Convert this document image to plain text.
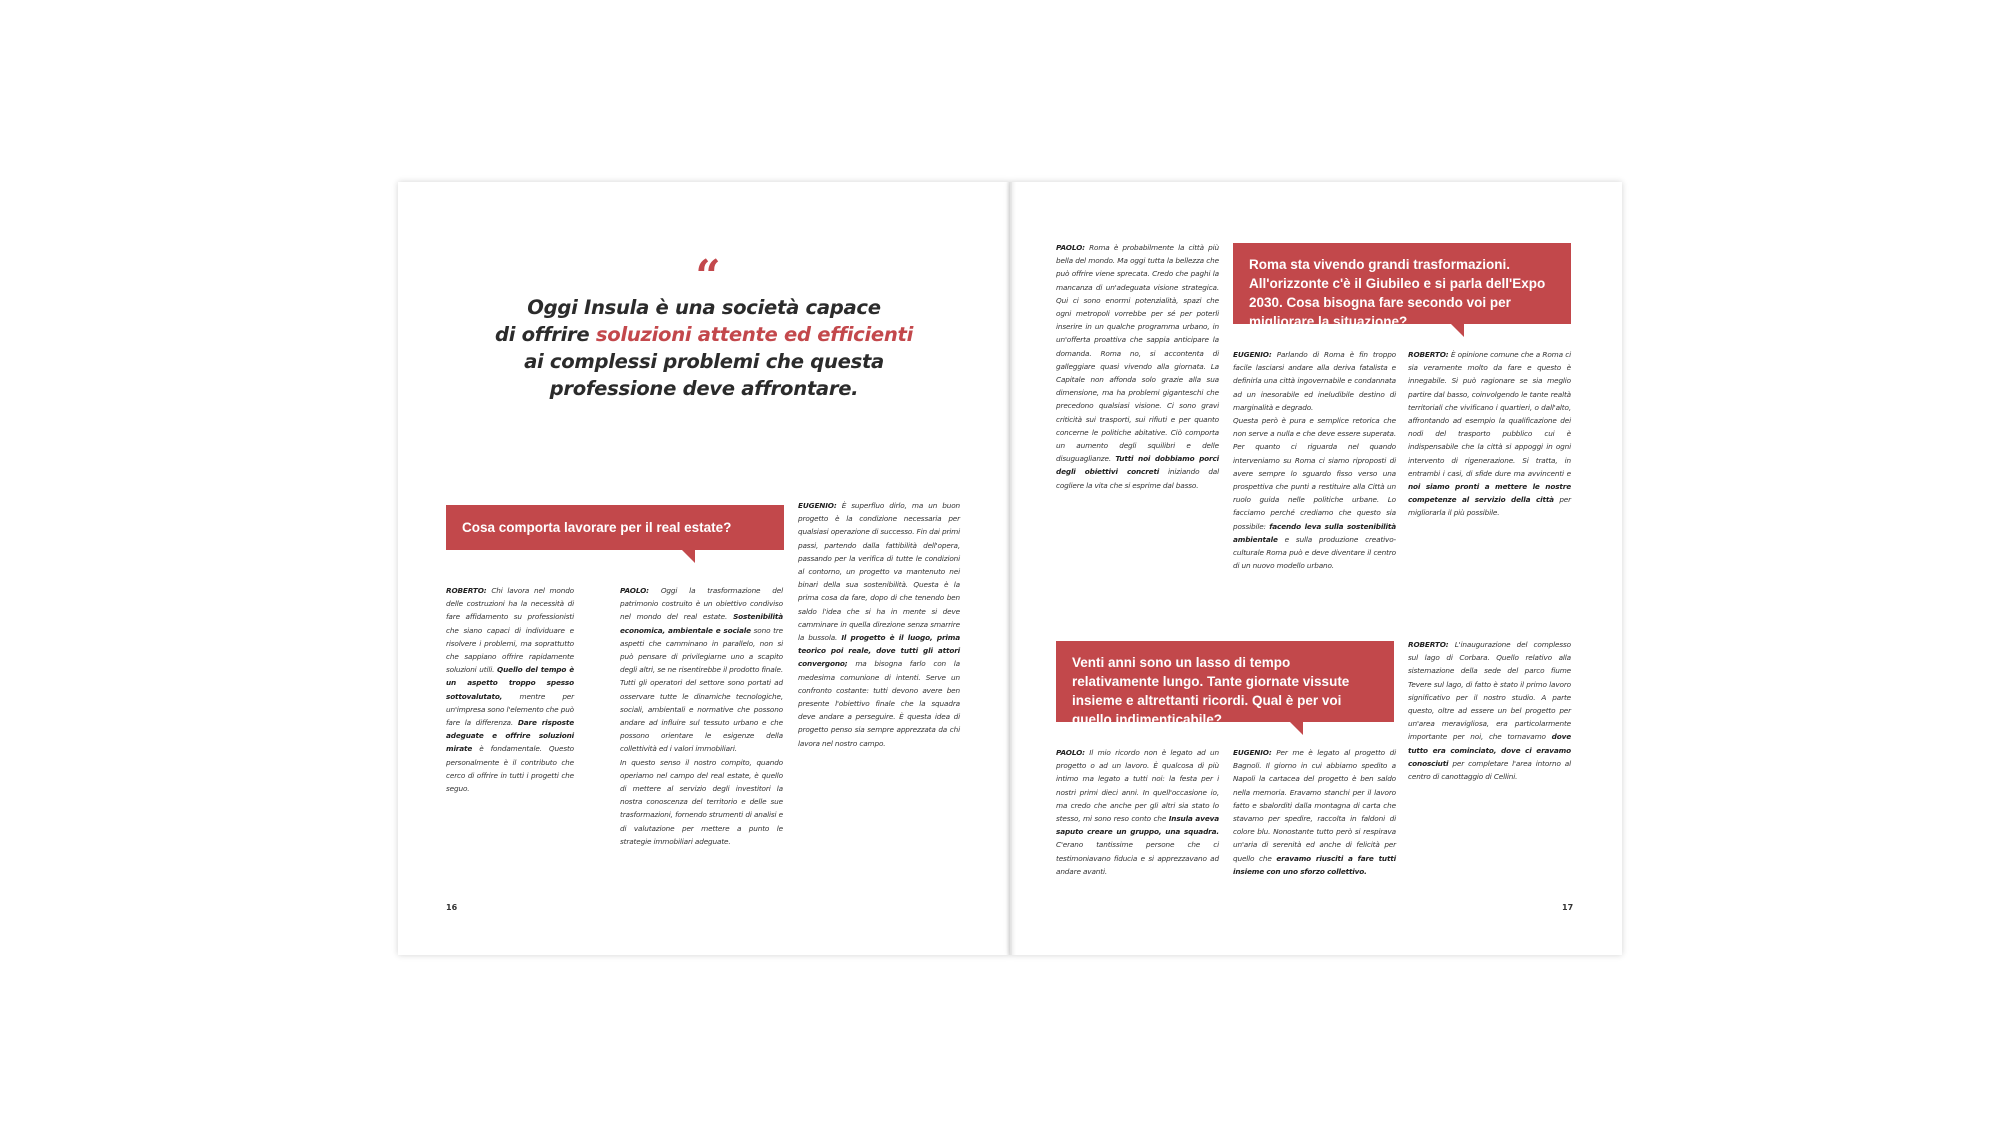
“
Oggi Insula è una società capace
di offrire soluzioni attente ed efficienti
ai complessi problemi che questa
professione deve affrontare.
Cosa comporta lavorare per il real estate?

ROBERTO: Chi lavora nel mondo delle costruzioni ha la necessità di fare affidamento su professionisti che siano capaci di individuare e risolvere i problemi, ma soprattutto che sappiano offrire rapidamente soluzioni utili. Quello del tempo è un aspetto troppo spesso sottovalutato, mentre per un'impresa sono l'elemento che può fare la differenza. Dare risposte adeguate e offrire soluzioni mirate è fondamentale. Questo personalmente è il contributo che cerco di offrire in tutti i progetti che seguo.

PAOLO: Oggi la trasformazione del patrimonio costruito è un obiettivo condiviso nel mondo del real estate. Sostenibilità economica, ambientale e sociale sono tre aspetti che camminano in parallelo, non si può pensare di privilegiarne uno a scapito degli altri, se ne risentirebbe il prodotto finale. Tutti gli operatori del settore sono portati ad osservare tutte le dinamiche tecnologiche, sociali, ambientali e normative che possono andare ad influire sul tessuto urbano e che possono orientare le esigenze della collettività ed i valori immobiliari.
In questo senso il nostro compito, quando operiamo nel campo del real estate, è quello di mettere al servizio degli investitori la nostra conoscenza del territorio e delle sue trasformazioni, fornendo strumenti di analisi e di valutazione per mettere a punto le strategie immobiliari adeguate.

EUGENIO: È superfluo dirlo, ma un buon progetto è la condizione necessaria per qualsiasi operazione di successo. Fin dai primi passi, partendo dalla fattibilità dell'opera, passando per la verifica di tutte le condizioni al contorno, un progetto va mantenuto nei binari della sua sostenibilità. Questa è la prima cosa da fare, dopo di che tenendo ben saldo l'idea che si ha in mente si deve camminare in quella direzione senza smarrire la bussola. Il progetto è il luogo, prima teorico poi reale, dove tutti gli attori convergono; ma bisogna farlo con la medesima comunione di intenti. Serve un confronto costante: tutti devono avere ben presente l'obiettivo finale che la squadra deve andare a perseguire. È questa idea di progetto penso sia sempre apprezzata da chi lavora nel nostro campo.

16

PAOLO: Roma è probabilmente la città più bella del mondo. Ma oggi tutta la bellezza che può offrire viene sprecata. Credo che paghi la mancanza di un'adeguata visione strategica. Qui ci sono enormi potenzialità, spazi che ogni metropoli vorrebbe per sé per poterli inserire in un qualche programma urbano, in un'offerta proattiva che sappia anticipare la domanda. Roma no, si accontenta di galleggiare quasi vivendo alla giornata. La Capitale non affonda solo grazie alla sua dimensione, ma ha problemi giganteschi che precedono qualsiasi visione. Ci sono gravi criticità sui trasporti, sui rifiuti e per quanto concerne le politiche abitative. Ciò comporta un aumento degli squilibri e delle disuguaglianze. Tutti noi dobbiamo porci degli obiettivi concreti iniziando dal cogliere la vita che si esprime dal basso.

Roma sta vivendo grandi trasformazioni. All'orizzonte c'è il Giubileo e si parla dell'Expo 2030. Cosa bisogna fare secondo voi per migliorare la situazione?

EUGENIO: Parlando di Roma è fin troppo facile lasciarsi andare alla deriva fatalista e definirla una città ingovernabile e condannata ad un inesorabile ed ineludibile destino di marginalità e degrado.
Questa però è pura e semplice retorica che non serve a nulla e che deve essere superata. Per quanto ci riguarda nel quando interveniamo su Roma ci siamo riproposti di avere sempre lo sguardo fisso verso una prospettiva che punti a restituire alla Città un ruolo guida nelle politiche urbane. Lo facciamo perché crediamo che questo sia possibile: facendo leva sulla sostenibilità ambientale e sulla produzione creativo-culturale Roma può e deve diventare il centro di un nuovo modello urbano.

ROBERTO: È opinione comune che a Roma ci sia veramente molto da fare e questo è innegabile. Si può ragionare se sia meglio partire dal basso, coinvolgendo le tante realtà territoriali che vivificano i quartieri, o dall'alto, affrontando ad esempio la qualificazione dei nodi del trasporto pubblico cui è indispensabile che la città si appoggi in ogni intervento di rigenerazione. Si tratta, in entrambi i casi, di sfide dure ma avvincenti e noi siamo pronti a mettere le nostre competenze al servizio della città per migliorarla il più possibile.

Venti anni sono un lasso di tempo relativamente lungo. Tante giornate vissute insieme e altrettanti ricordi. Qual è per voi quello indimenticabile?

ROBERTO: L'inaugurazione del complesso sul lago di Corbara. Quello relativo alla sistemazione della sede del parco fiume Tevere sul lago, di fatto è stato il primo lavoro significativo per il nostro studio. A parte questo, oltre ad essere un bel progetto per un'area meravigliosa, era particolarmente importante per noi, che tornavamo dove tutto era cominciato, dove ci eravamo conosciuti per completare l'area intorno al centro di canottaggio di Cellini.

PAOLO: Il mio ricordo non è legato ad un progetto o ad un lavoro. È qualcosa di più intimo ma legato a tutti noi: la festa per i nostri primi dieci anni. In quell'occasione io, ma credo che anche per gli altri sia stato lo stesso, mi sono reso conto che Insula aveva saputo creare un gruppo, una squadra. C'erano tantissime persone che ci testimoniavano fiducia e si apprezzavano ad andare avanti.

EUGENIO: Per me è legato al progetto di Bagnoli. Il giorno in cui abbiamo spedito a Napoli la cartacea del progetto è ben saldo nella memoria. Eravamo stanchi per il lavoro fatto e sbalorditi dalla montagna di carta che stavamo per spedire, raccolta in faldoni di colore blu. Nonostante tutto però si respirava un'aria di serenità ed anche di felicità per quello che eravamo riusciti a fare tutti insieme con uno sforzo collettivo.

17
